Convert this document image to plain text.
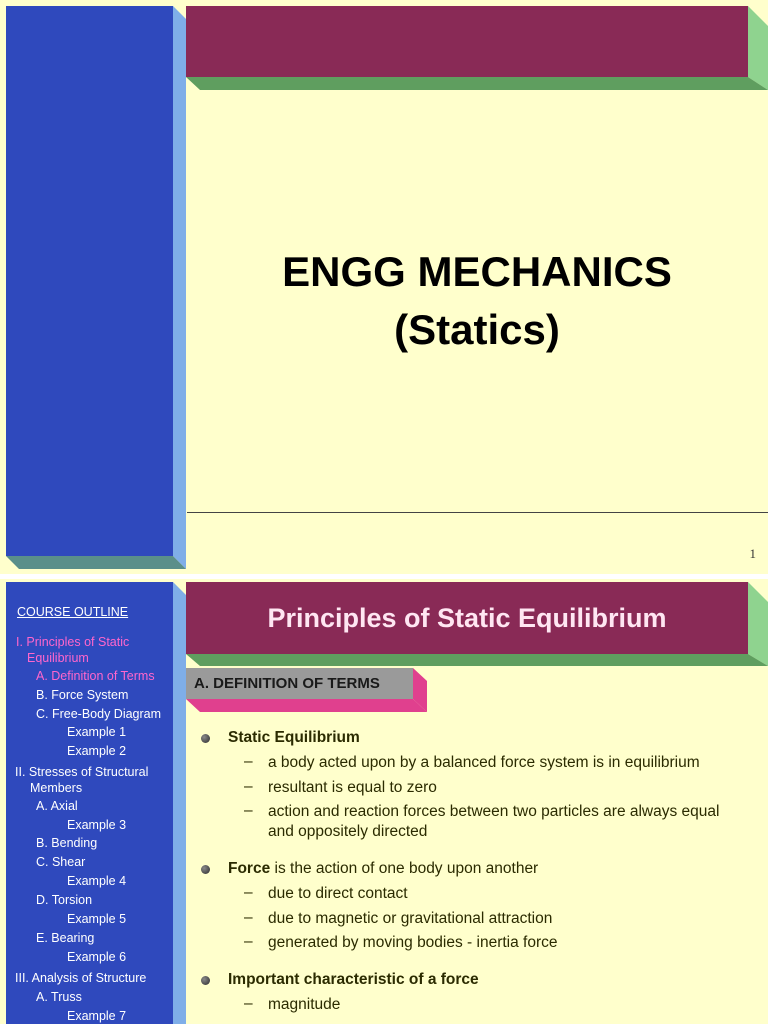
ENGG MECHANICS
(Statics)
1
COURSE OUTLINE
I. Principles of Static
Equilibrium
A. Definition of Terms
B. Force System
C. Free-Body Diagram
Example 1
Example 2
II. Stresses of Structural
Members
A. Axial
Example 3
B. Bending
C. Shear
Example 4
D. Torsion
Example 5
E. Bearing
Example 6
III. Analysis of Structure
A. Truss
Example 7
Principles of Static Equilibrium
A. DEFINITION OF TERMS
Static Equilibrium
– a body acted upon by a balanced force system is in equilibrium
– resultant is equal to zero
– action and reaction forces between two particles are always equal and oppositely directed
Force is the action of one body upon another
– due to direct contact
– due to magnetic or gravitational attraction
– generated by moving bodies - inertia force
Important characteristic of a force
– magnitude
